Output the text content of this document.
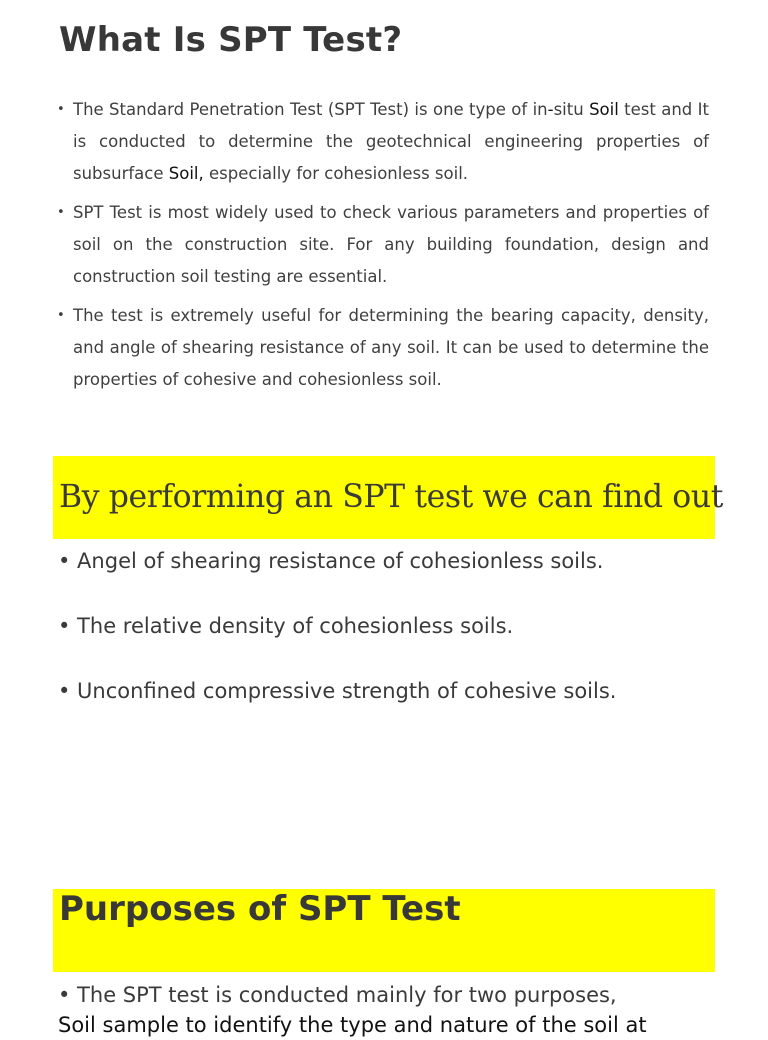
What Is SPT Test?
• The Standard Penetration Test (SPT Test) is one type of in-situ Soil test and It is conducted to determine the geotechnical engineering properties of subsurface Soil, especially for cohesionless soil.
• SPT Test is most widely used to check various parameters and properties of soil on the construction site. For any building foundation, design and construction soil testing are essential.
• The test is extremely useful for determining the bearing capacity, density, and angle of shearing resistance of any soil. It can be used to determine the properties of cohesive and cohesionless soil.
By performing an SPT test we can find out
• Angel of shearing resistance of cohesionless soils.
• The relative density of cohesionless soils.
• Unconfined compressive strength of cohesive soils.
Purposes of SPT Test
• The SPT test is conducted mainly for two purposes,
Soil sample to identify the type and nature of the soil at
